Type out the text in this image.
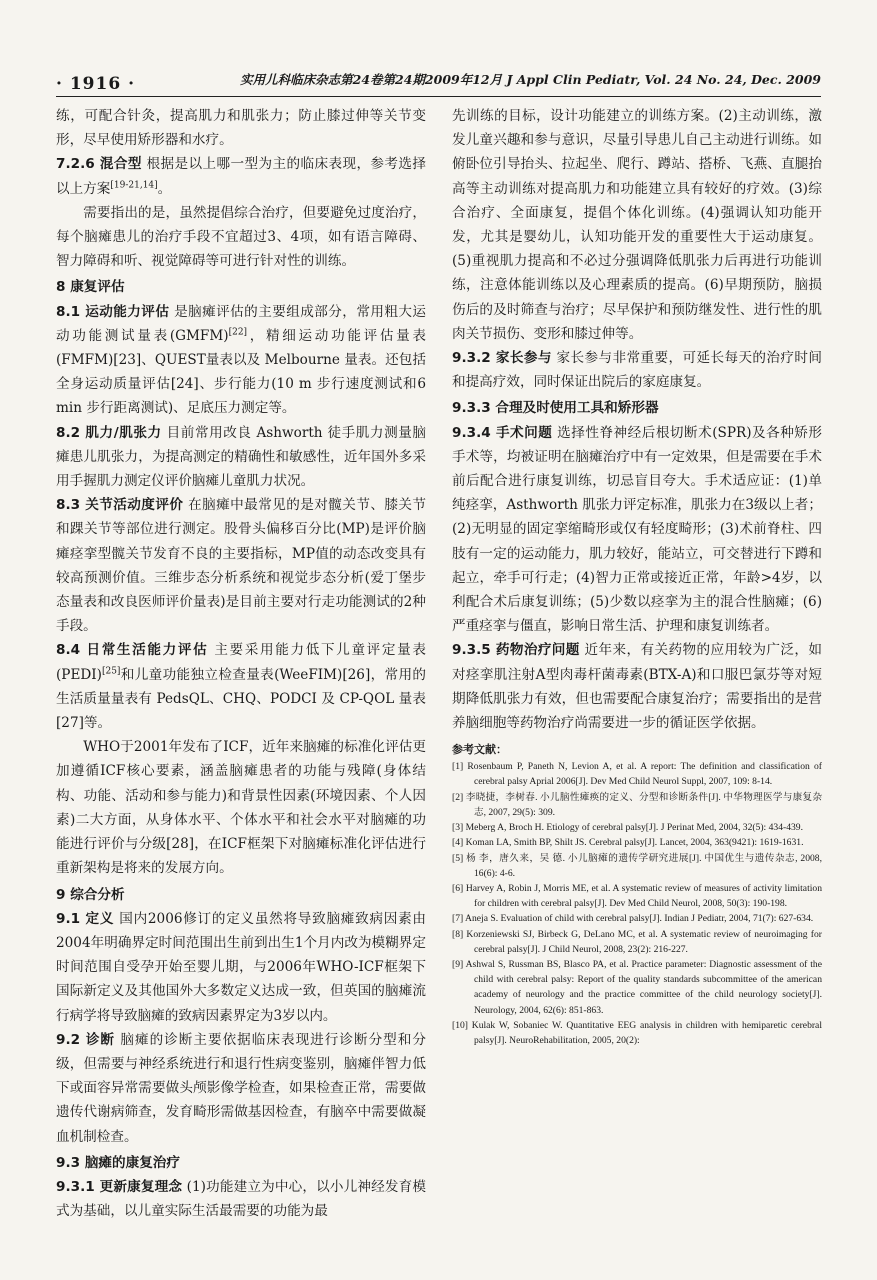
· 1916 ·	实用儿科临床杂志第24卷第24期2009年12月 J Appl Clin Pediatr, Vol. 24 No. 24, Dec. 2009

练，可配合针灸，提高肌力和肌张力；防止膝过伸等关节变形，尽早使用矫形器和水疗。

7.2.6 混合型 根据是以上哪一型为主的临床表现，参考选择以上方案[19-21,14]。

需要指出的是，虽然提倡综合治疗，但要避免过度治疗，每个脑瘫患儿的治疗手段不宜超过3、4项，如有语言障碍、智力障碍和听、视觉障碍等可进行针对性的训练。

8 康复评估

8.1 运动能力评估 是脑瘫评估的主要组成部分，常用粗大运动功能测试量表(GMFM)[22]，精细运动功能评估量表(FMFM)[23]、QUEST量表以及 Melbourne 量表。还包括全身运动质量评估[24]、步行能力(10 m 步行速度测试和6 min 步行距离测试)、足底压力测定等。

8.2 肌力/肌张力 目前常用改良 Ashworth 徒手肌力测量脑瘫患儿肌张力，为提高测定的精确性和敏感性，近年国外多采用手握肌力测定仪评价脑瘫儿童肌力状况。

8.3 关节活动度评价 在脑瘫中最常见的是对髋关节、膝关节和踝关节等部位进行测定。股骨头偏移百分比(MP)是评价脑瘫痉挛型髋关节发育不良的主要指标，MP值的动态改变具有较高预测价值。三维步态分析系统和视觉步态分析(爱丁堡步态量表和改良医师评价量表)是目前主要对行走功能测试的2种手段。

8.4 日常生活能力评估 主要采用能力低下儿童评定量表(PEDI)[25]和儿童功能独立检查量表(WeeFIM)[26]，常用的生活质量量表有 PedsQL、CHQ、PODCI 及 CP-QOL 量表[27]等。

WHO于2001年发布了ICF，近年来脑瘫的标准化评估更加遵循ICF核心要素，涵盖脑瘫患者的功能与残障(身体结构、功能、活动和参与能力)和背景性因素(环境因素、个人因素)二大方面，从身体水平、个体水平和社会水平对脑瘫的功能进行评价与分级[28]，在ICF框架下对脑瘫标准化评估进行重新架构是将来的发展方向。

9 综合分析

9.1 定义 国内2006修订的定义虽然将导致脑瘫致病因素由2004年明确界定时间范围出生前到出生1个月内改为模糊界定时间范围自受孕开始至婴儿期，与2006年WHO-ICF框架下国际新定义及其他国外大多数定义达成一致，但英国的脑瘫流行病学将导致脑瘫的致病因素界定为3岁以内。

9.2 诊断 脑瘫的诊断主要依据临床表现进行诊断分型和分级，但需要与神经系统进行和退行性病变鉴别，脑瘫伴智力低下或面容异常需要做头颅影像学检查，如果检查正常，需要做遗传代谢病筛查，发育畸形需做基因检查，有脑卒中需要做凝血机制检查。

9.3 脑瘫的康复治疗

9.3.1 更新康复理念 (1)功能建立为中心，以小儿神经发育模式为基础，以儿童实际生活最需要的功能为最

先训练的目标，设计功能建立的训练方案。(2)主动训练，激发儿童兴趣和参与意识，尽量引导患儿自己主动进行训练。如俯卧位引导抬头、拉起坐、爬行、蹲站、搭桥、飞燕、直腿抬高等主动训练对提高肌力和功能建立具有较好的疗效。(3)综合治疗、全面康复，提倡个体化训练。(4)强调认知功能开发，尤其是婴幼儿，认知功能开发的重要性大于运动康复。(5)重视肌力提高和不必过分强调降低肌张力后再进行功能训练，注意体能训练以及心理素质的提高。(6)早期预防，脑损伤后的及时筛查与治疗；尽早保护和预防继发性、进行性的肌肉关节损伤、变形和膝过伸等。

9.3.2 家长参与 家长参与非常重要，可延长每天的治疗时间和提高疗效，同时保证出院后的家庭康复。

9.3.3 合理及时使用工具和矫形器

9.3.4 手术问题 选择性脊神经后根切断术(SPR)及各种矫形手术等，均被证明在脑瘫治疗中有一定效果，但是需要在手术前后配合进行康复训练，切忌盲目夸大。手术适应证：(1)单纯痉挛，Asthworth 肌张力评定标准，肌张力在3级以上者；(2)无明显的固定挛缩畸形或仅有轻度畸形；(3)术前脊柱、四肢有一定的运动能力，肌力较好，能站立，可交替进行下蹲和起立，牵手可行走；(4)智力正常或接近正常，年龄>4岁，以利配合术后康复训练；(5)少数以痉挛为主的混合性脑瘫；(6)严重痉挛与僵直，影响日常生活、护理和康复训练者。

9.3.5 药物治疗问题 近年来，有关药物的应用较为广泛，如对痉挛肌注射A型肉毒杆菌毒素(BTX-A)和口服巴氯芬等对短期降低肌张力有效，但也需要配合康复治疗；需要指出的是营养脑细胞等药物治疗尚需要进一步的循证医学依据。

参考文献：
[1] Rosenbaum P, Paneth N, Levion A, et al. A report: The definition and classification of cerebral palsy Aprial 2006[J]. Dev Med Child Neurol Suppl, 2007, 109: 8-14.
[2] 李晓捷，李树春. 小儿脑性瘫痪的定义、分型和诊断条件[J]. 中华物理医学与康复杂志, 2007, 29(5): 309.
[3] Meberg A, Broch H. Etiology of cerebral palsy[J]. J Perinat Med, 2004, 32(5): 434-439.
[4] Koman LA, Smith BP, Shilt JS. Cerebral palsy[J]. Lancet, 2004, 363(9421): 1619-1631.
[5] 杨 李，唐久来，吴 德. 小儿脑瘫的遗传学研究进展[J]. 中国优生与遗传杂志, 2008, 16(6): 4-6.
[6] Harvey A, Robin J, Morris ME, et al. A systematic review of measures of activity limitation for children with cerebral palsy[J]. Dev Med Child Neurol, 2008, 50(3): 190-198.
[7] Aneja S. Evaluation of child with cerebral palsy[J]. Indian J Pediatr, 2004, 71(7): 627-634.
[8] Korzeniewski SJ, Birbeck G, DeLano MC, et al. A systematic review of neuroimaging for cerebral palsy[J]. J Child Neurol, 2008, 23(2): 216-227.
[9] Ashwal S, Russman BS, Blasco PA, et al. Practice parameter: Diagnostic assessment of the child with cerebral palsy: Report of the quality standards subcommittee of the american academy of neurology and the practice committee of the child neurology society[J]. Neurology, 2004, 62(6): 851-863.
[10] Kulak W, Sobaniec W. Quantitative EEG analysis in children with hemiparetic cerebral palsy[J]. NeuroRehabilitation, 2005, 20(2):
